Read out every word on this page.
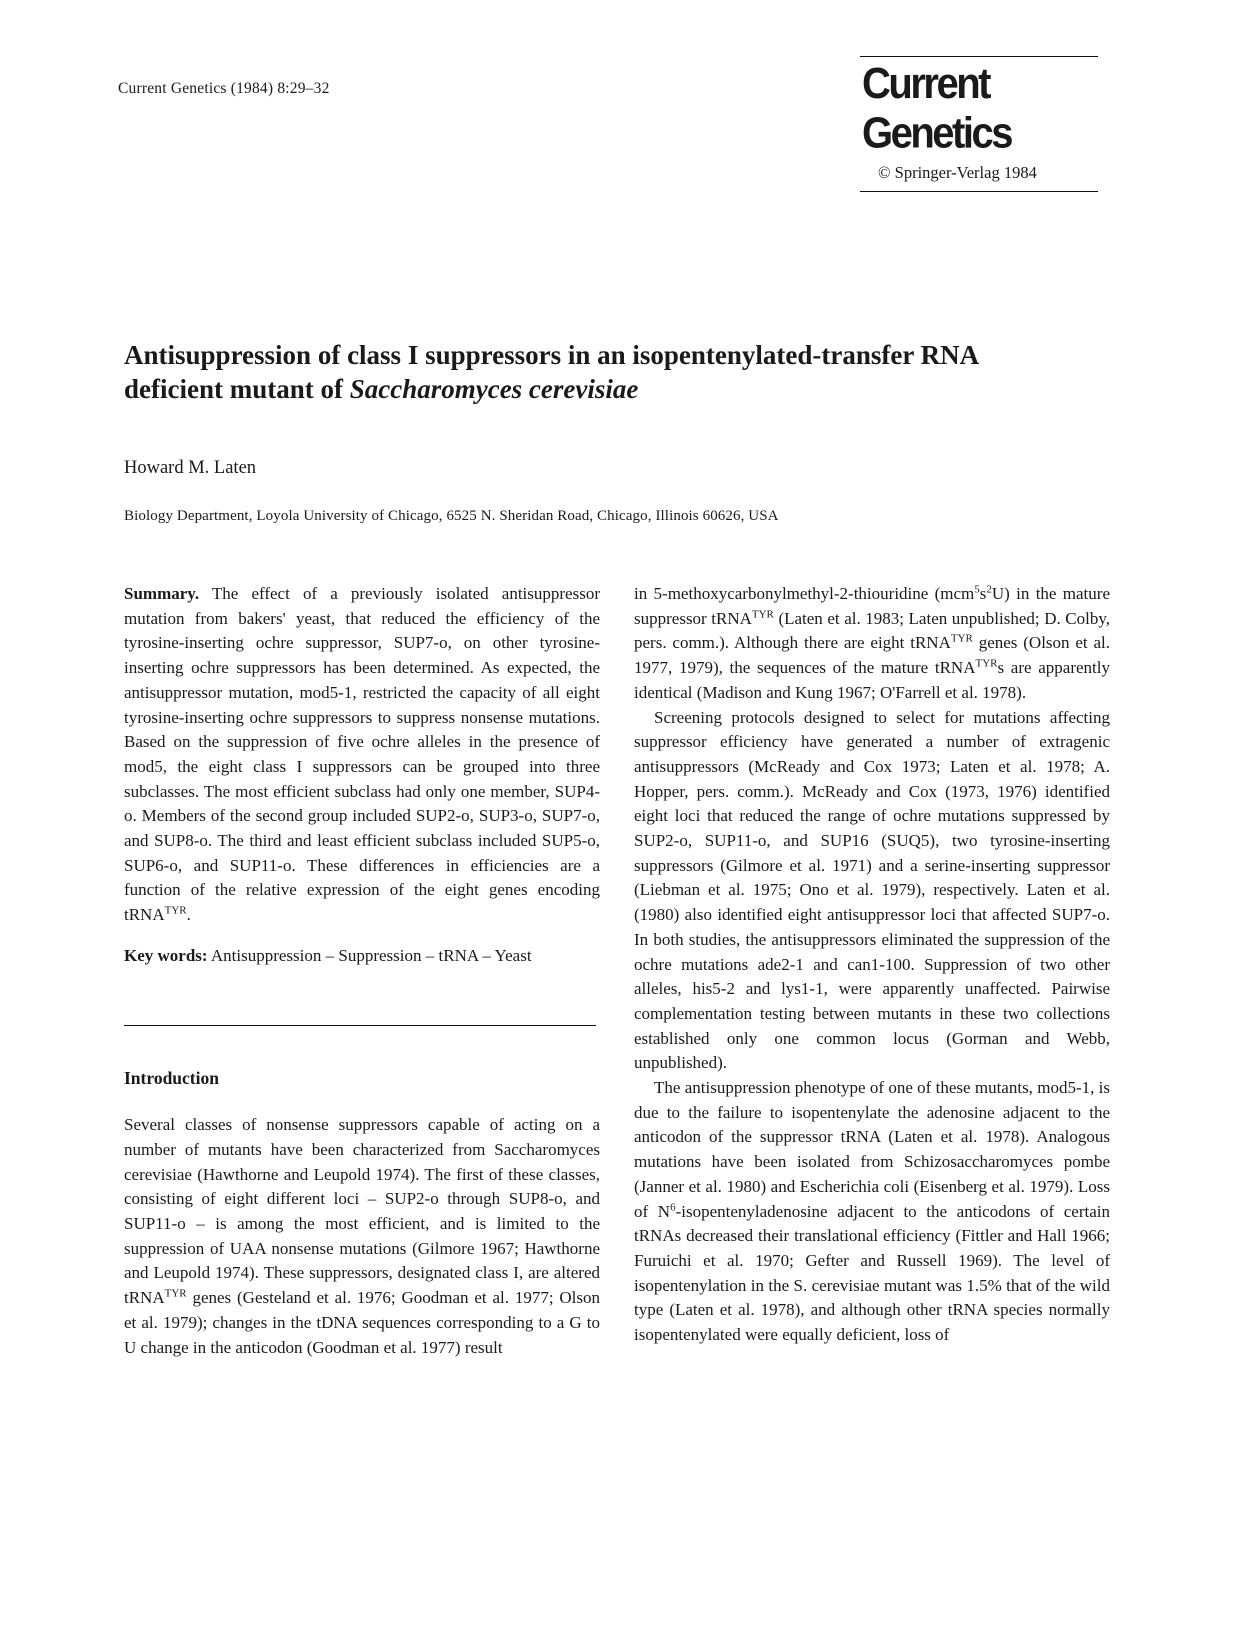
Current Genetics (1984) 8:29–32	Current Genetics
© Springer-Verlag 1984
Antisuppression of class I suppressors in an isopentenylated-transfer RNA
deficient mutant of Saccharomyces cerevisiae
Howard M. Laten
Biology Department, Loyola University of Chicago, 6525 N. Sheridan Road, Chicago, Illinois 60626, USA

Summary. The effect of a previously isolated antisuppressor mutation from bakers' yeast, that reduced the efficiency of the tyrosine-inserting ochre suppressor, SUP7-o, on other tyrosine-inserting ochre suppressors has been determined. As expected, the antisuppressor mutation, mod5-1, restricted the capacity of all eight tyrosine-inserting ochre suppressors to suppress nonsense mutations. Based on the suppression of five ochre alleles in the presence of mod5, the eight class I suppressors can be grouped into three subclasses. The most efficient subclass had only one member, SUP4-o. Members of the second group included SUP2-o, SUP3-o, SUP7-o, and SUP8-o. The third and least efficient subclass included SUP5-o, SUP6-o, and SUP11-o. These differences in efficiencies are a function of the relative expression of the eight genes encoding tRNA$^{TYR}$.

Key words: Antisuppression – Suppression – tRNA – Yeast

Introduction

Several classes of nonsense suppressors capable of acting on a number of mutants have been characterized from Saccharomyces cerevisiae (Hawthorne and Leupold 1974). The first of these classes, consisting of eight different loci – SUP2-o through SUP8-o, and SUP11-o – is among the most efficient, and is limited to the suppression of UAA nonsense mutations (Gilmore 1967; Hawthorne and Leupold 1974). These suppressors, designated class I, are altered tRNA$^{TYR}$ genes (Gesteland et al. 1976; Goodman et al. 1977; Olson et al. 1979); changes in the tDNA sequences corresponding to a G to U change in the anticodon (Goodman et al. 1977) result

in 5-methoxycarbonylmethyl-2-thiouridine $(mcm^5s^2U)$ in the mature suppressor tRNA$^{TYR}$ (Laten et al. 1983; Laten unpublished; D. Colby, pers. comm.). Although there are eight tRNA$^{TYR}$ genes (Olson et al. 1977, 1979), the sequences of the mature tRNA$^{TYR}$s are apparently identical (Madison and Kung 1967; O'Farrell et al. 1978).

Screening protocols designed to select for mutations affecting suppressor efficiency have generated a number of extragenic antisuppressors (McReady and Cox 1973; Laten et al. 1978; A. Hopper, pers. comm.). McReady and Cox (1973, 1976) identified eight loci that reduced the range of ochre mutations suppressed by SUP2-o, SUP11-o, and SUP16 (SUQ5), two tyrosine-inserting suppressors (Gilmore et al. 1971) and a serine-inserting suppressor (Liebman et al. 1975; Ono et al. 1979), respectively. Laten et al. (1980) also identified eight antisuppressor loci that affected SUP7-o. In both studies, the antisuppressors eliminated the suppression of the ochre mutations ade2-1 and can1-100. Suppression of two other alleles, his5-2 and lys1-1, were apparently unaffected. Pairwise complementation testing between mutants in these two collections established only one common locus (Gorman and Webb, unpublished).

The antisuppression phenotype of one of these mutants, mod5-1, is due to the failure to isopentenylate the adenosine adjacent to the anticodon of the suppressor tRNA (Laten et al. 1978). Analogous mutations have been isolated from Schizosaccharomyces pombe (Janner et al. 1980) and Escherichia coli (Eisenberg et al. 1979). Loss of $N^6$-isopentenyladenosine adjacent to the anticodons of certain tRNAs decreased their translational efficiency (Fittler and Hall 1966; Furuichi et al. 1970; Gefter and Russell 1969). The level of isopentenylation in the S. cerevisiae mutant was 1.5% that of the wild type (Laten et al. 1978), and although other tRNA species normally isopentenylated were equally deficient, loss of
